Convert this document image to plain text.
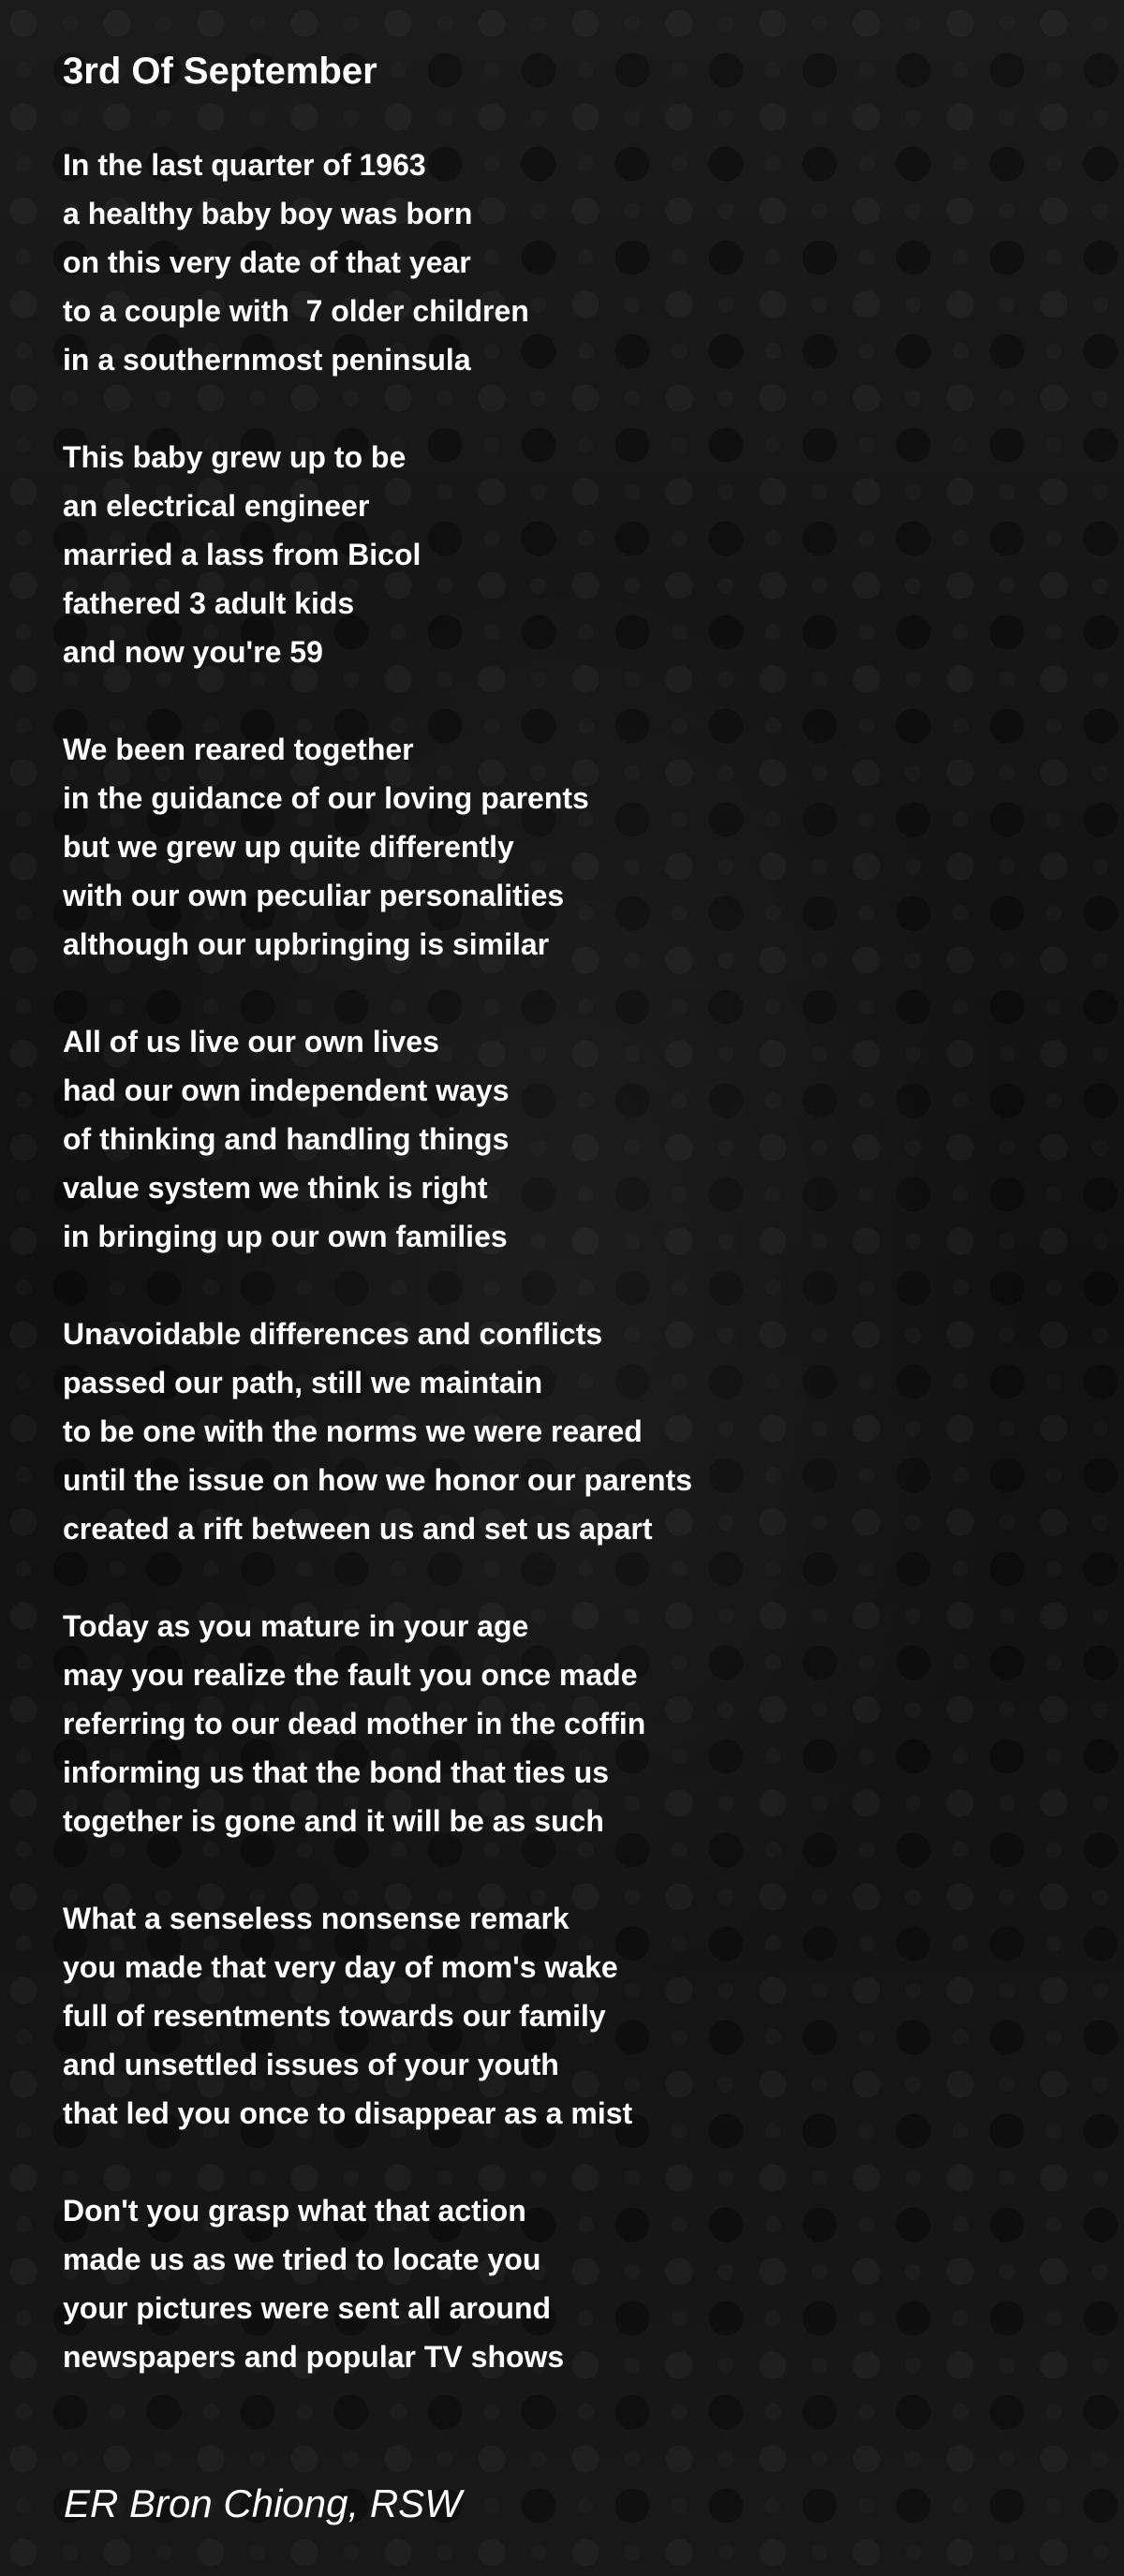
3rd Of September
In the last quarter of 1963
a healthy baby boy was born
on this very date of that year
to a couple with  7 older children
in a southernmost peninsula
This baby grew up to be
an electrical engineer
married a lass from Bicol
fathered 3 adult kids
and now you're 59
We been reared together
in the guidance of our loving parents
but we grew up quite differently
with our own peculiar personalities
although our upbringing is similar
All of us live our own lives
had our own independent ways
of thinking and handling things
value system we think is right
in bringing up our own families
Unavoidable differences and conflicts
passed our path, still we maintain
to be one with the norms we were reared
until the issue on how we honor our parents
created a rift between us and set us apart
Today as you mature in your age
may you realize the fault you once made
referring to our dead mother in the coffin
informing us that the bond that ties us
together is gone and it will be as such
What a senseless nonsense remark
you made that very day of mom's wake
full of resentments towards our family
and unsettled issues of your youth
that led you once to disappear as a mist
Don't you grasp what that action
made us as we tried to locate you
your pictures were sent all around
newspapers and popular TV shows
ER Bron Chiong, RSW
